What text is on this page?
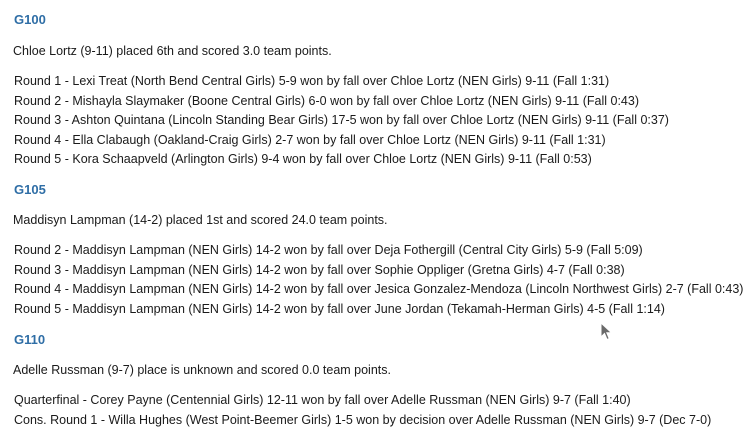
G100

Chloe Lortz (9-11) placed 6th and scored 3.0 team points.

Round 1 - Lexi Treat (North Bend Central Girls) 5-9 won by fall over Chloe Lortz (NEN Girls) 9-11 (Fall 1:31)
Round 2 - Mishayla Slaymaker (Boone Central Girls) 6-0 won by fall over Chloe Lortz (NEN Girls) 9-11 (Fall 0:43)
Round 3 - Ashton Quintana (Lincoln Standing Bear Girls) 17-5 won by fall over Chloe Lortz (NEN Girls) 9-11 (Fall 0:37)
Round 4 - Ella Clabaugh (Oakland-Craig Girls) 2-7 won by fall over Chloe Lortz (NEN Girls) 9-11 (Fall 1:31)
Round 5 - Kora Schaapveld (Arlington Girls) 9-4 won by fall over Chloe Lortz (NEN Girls) 9-11 (Fall 0:53)
G105

Maddisyn Lampman (14-2) placed 1st and scored 24.0 team points.

Round 2 - Maddisyn Lampman (NEN Girls) 14-2 won by fall over Deja Fothergill (Central City Girls) 5-9 (Fall 5:09)
Round 3 - Maddisyn Lampman (NEN Girls) 14-2 won by fall over Sophie Oppliger (Gretna Girls) 4-7 (Fall 0:38)
Round 4 - Maddisyn Lampman (NEN Girls) 14-2 won by fall over Jesica Gonzalez-Mendoza (Lincoln Northwest Girls) 2-7 (Fall 0:43)
Round 5 - Maddisyn Lampman (NEN Girls) 14-2 won by fall over June Jordan (Tekamah-Herman Girls) 4-5 (Fall 1:14)
G110

Adelle Russman (9-7) place is unknown and scored 0.0 team points.

Quarterfinal - Corey Payne (Centennial Girls) 12-11 won by fall over Adelle Russman (NEN Girls) 9-7 (Fall 1:40)
Cons. Round 1 - Willa Hughes (West Point-Beemer Girls) 1-5 won by decision over Adelle Russman (NEN Girls) 9-7 (Dec 7-0)
